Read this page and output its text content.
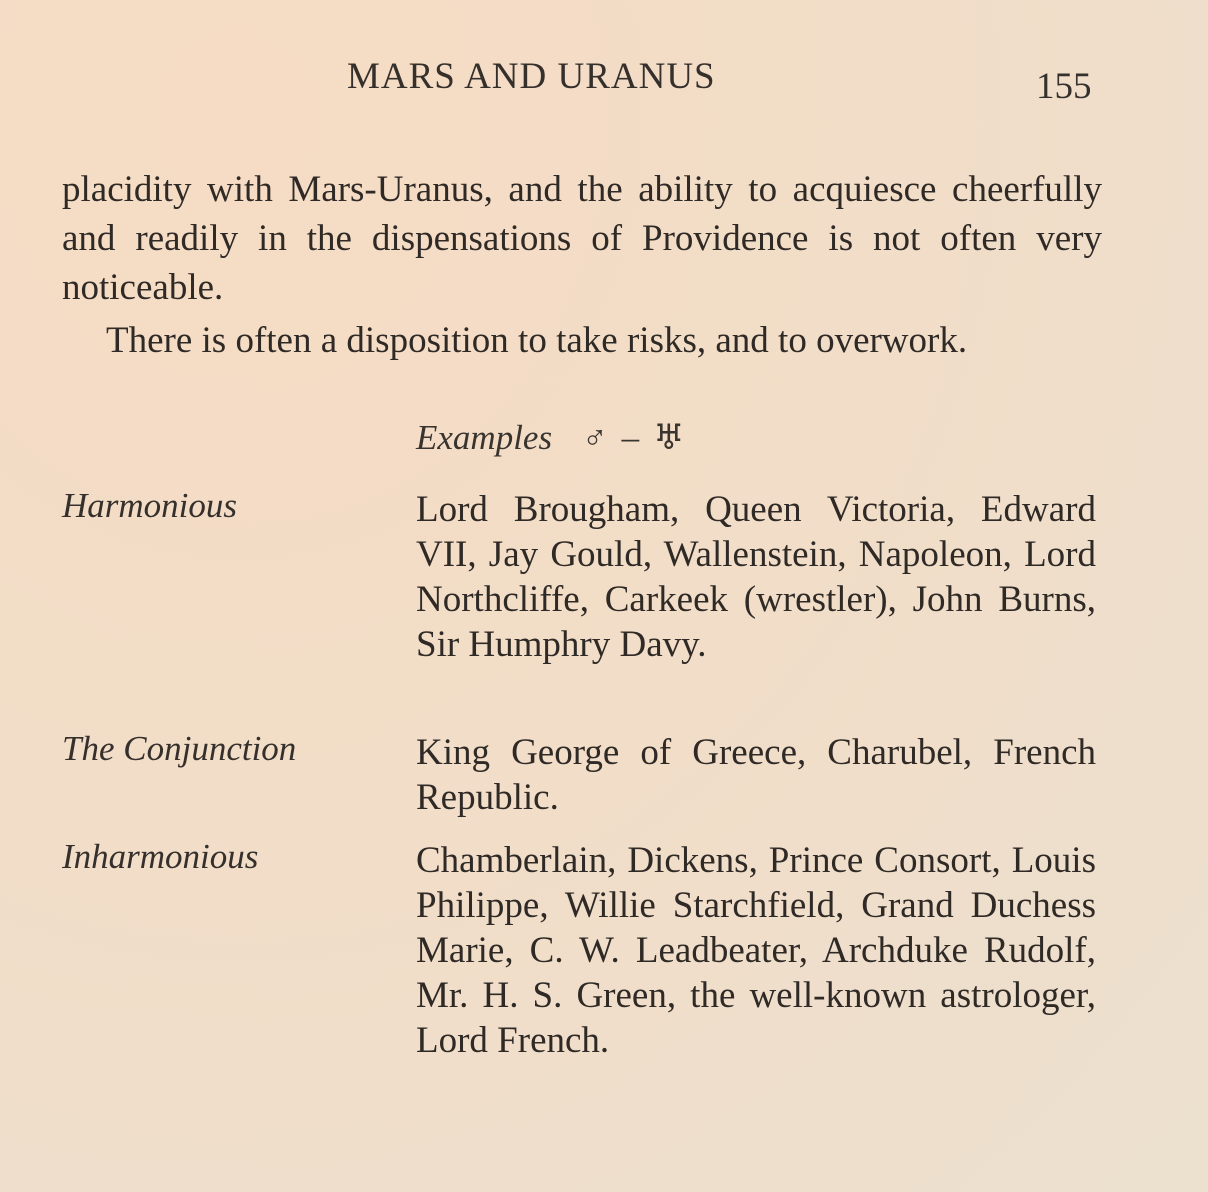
MARS AND URANUS	155

placidity with Mars-Uranus, and the ability to acquiesce cheerfully and readily in the dispensations of Providence is not often very noticeable.

There is often a disposition to take risks, and to overwork.

Examples ♂ – ♅
Harmonious	Lord Brougham, Queen Victoria, Edward VII, Jay Gould, Wallenstein, Napoleon, Lord Northcliffe, Carkeek (wrestler), John Burns, Sir Humphry Davy.
The Conjunction	King George of Greece, Charubel, French Republic.
Inharmonious	Chamberlain, Dickens, Prince Consort, Louis Philippe, Willie Starchfield, Grand Duchess Marie, C. W. Leadbeater, Archduke Rudolf, Mr. H. S. Green, the well-known astrologer, Lord French.
